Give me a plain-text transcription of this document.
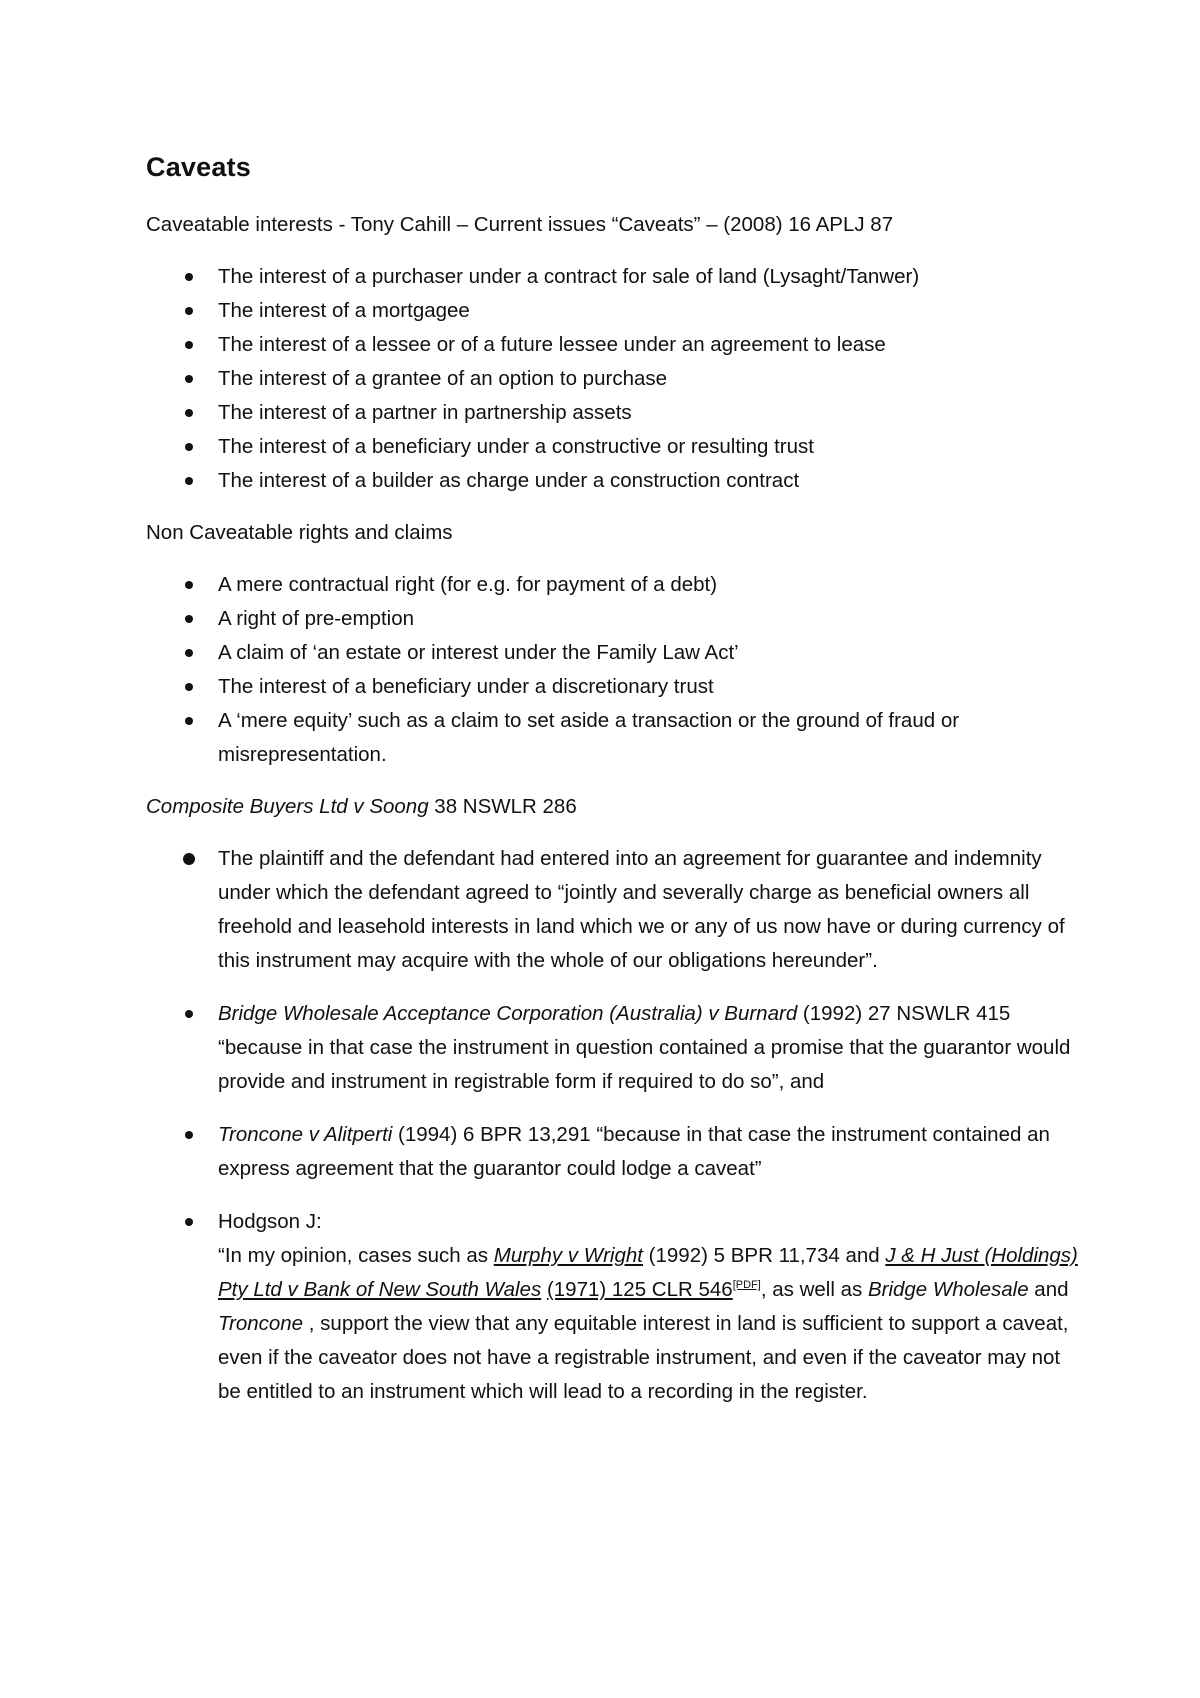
Caveats

Caveatable interests - Tony Cahill – Current issues “Caveats” – (2008) 16 APLJ 87

The interest of a purchaser under a contract for sale of land (Lysaght/Tanwer)
The interest of a mortgagee
The interest of a lessee or of a future lessee under an agreement to lease
The interest of a grantee of an option to purchase
The interest of a partner in partnership assets
The interest of a beneficiary under a constructive or resulting trust
The interest of a builder as charge under a construction contract

Non Caveatable rights and claims

A mere contractual right (for e.g. for payment of a debt)
A right of pre-emption
A claim of ‘an estate or interest under the Family Law Act’
The interest of a beneficiary under a discretionary trust
A ‘mere equity’ such as a claim to set aside a transaction or the ground of fraud or misrepresentation.

Composite Buyers Ltd v Soong 38 NSWLR 286

The plaintiff and the defendant had entered into an agreement for guarantee and indemnity under which the defendant agreed to “jointly and severally charge as beneficial owners all freehold and leasehold interests in land which we or any of us now have or during currency of this instrument may acquire with the whole of our obligations hereunder”.
Bridge Wholesale Acceptance Corporation (Australia) v Burnard (1992) 27 NSWLR 415 “because in that case the instrument in question contained a promise that the guarantor would provide and instrument in registrable form if required to do so”, and
Troncone v Alitperti (1994) 6 BPR 13,291 “because in that case the instrument contained an express agreement that the guarantor could lodge a caveat”
Hodgson J:
“In my opinion, cases such as Murphy v Wright (1992) 5 BPR 11,734 and J & H Just (Holdings) Pty Ltd v Bank of New South Wales (1971) 125 CLR 546[PDF], as well as Bridge Wholesale and Troncone , support the view that any equitable interest in land is sufficient to support a caveat, even if the caveator does not have a registrable instrument, and even if the caveator may not be entitled to an instrument which will lead to a recording in the register.
